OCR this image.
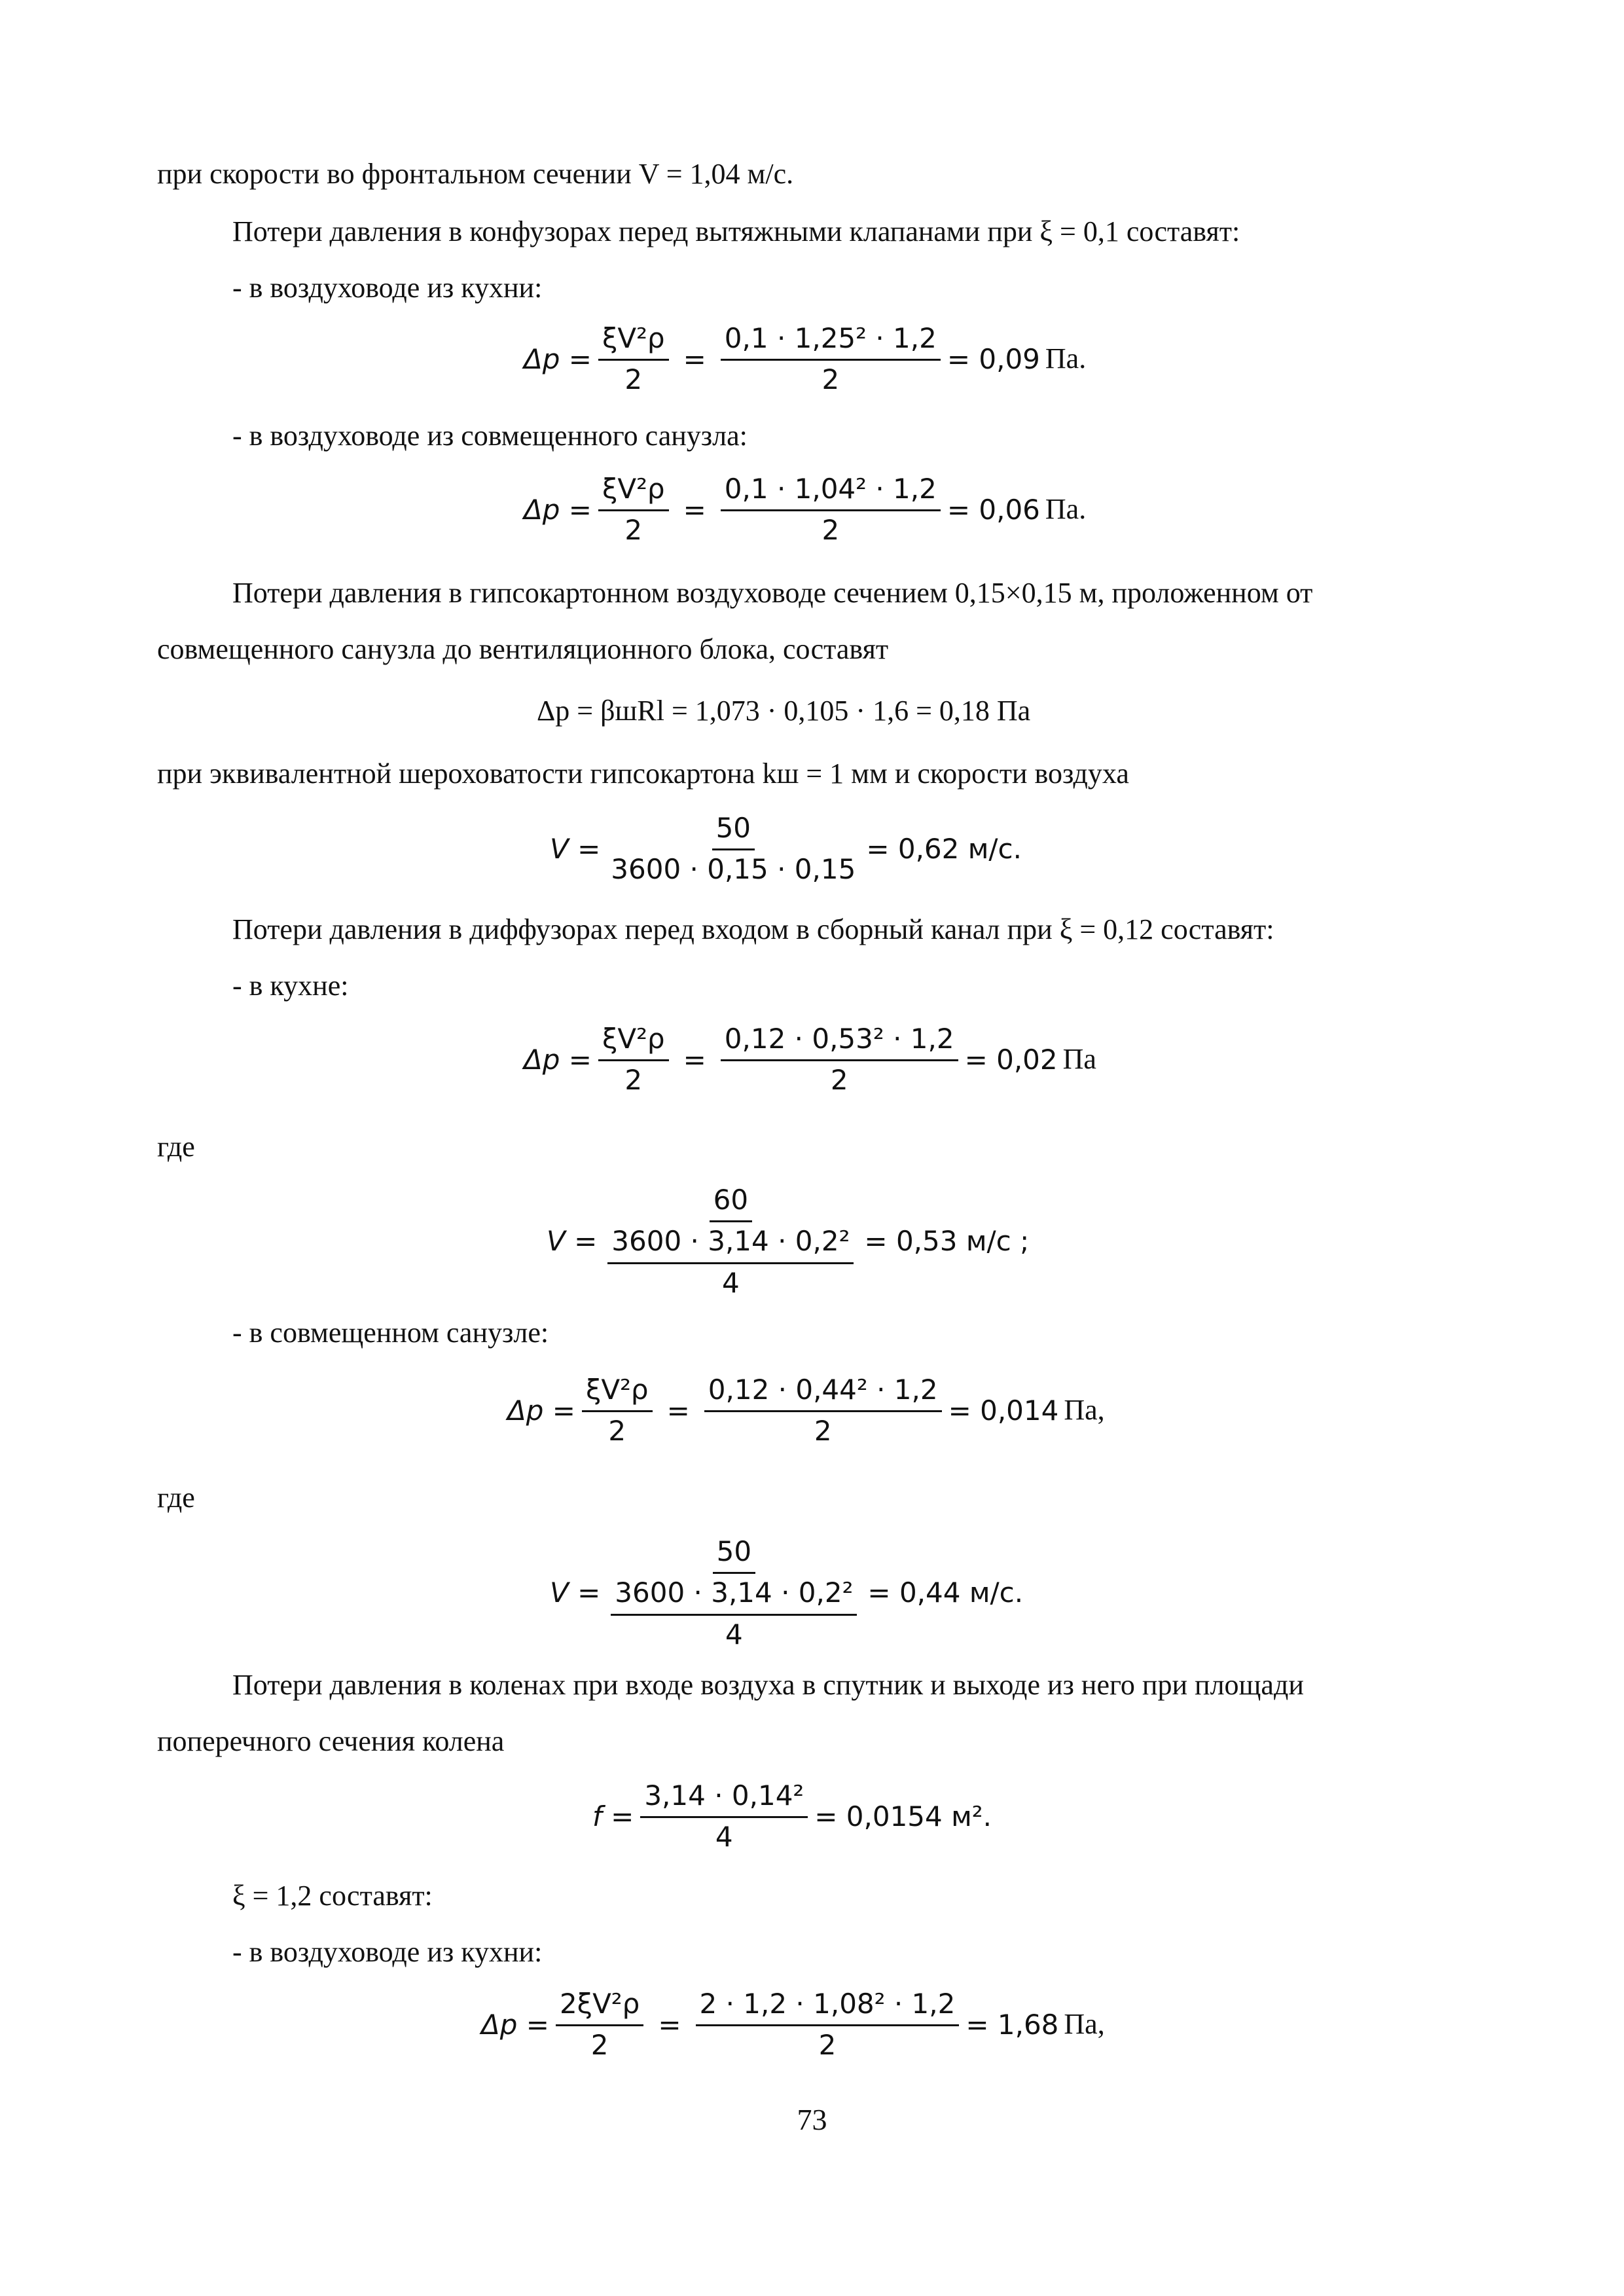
при скорости во фронтальном сечении V = 1,04 м/с.
Потери давления в конфузорах перед вытяжными клапанами при ξ = 0,1 составят:
- в воздуховоде из кухни:
$\Delta p = \frac{\text{ξV²ρ}}{2} = \frac{\text{0,1 · 1,25² · 1,2}}{2} = 0,09$ Па.
- в воздуховоде из совмещенного санузла:
$\Delta p = \frac{\text{ξV²ρ}}{2} = \frac{\text{0,1 · 1,04² · 1,2}}{2} = 0,06$ Па.
Потери давления в гипсокартонном воздуховоде сечением 0,15×0,15 м, проложенном от
совмещенного санузла до вентиляционного блока, составят
Δp = βшRl = 1,073 · 0,105 · 1,6 = 0,18 Па
при эквивалентной шероховатости гипсокартона kш = 1 мм и скорости воздуха
$V = \frac{50}{3600 \cdot 0,15 \cdot 0,15} = 0,62$ м/с.
Потери давления в диффузорах перед входом в сборный канал при ξ = 0,12 составят:
- в кухне:
$\Delta p = \frac{\text{ξV²ρ}}{2} = \frac{\text{0,12 · 0,53² · 1,2}}{2} = 0,02$ Па
где
$V = \frac{60}{\frac{\text{3600 · 3,14 · 0,2²}}{4}} = 0,53$ м/с ;
- в совмещенном санузле:
$\Delta p = \frac{\text{ξV²ρ}}{2} = \frac{\text{0,12 · 0,44² · 1,2}}{2} = 0,014$ Па,
где
$V = \frac{50}{\frac{\text{3600 · 3,14 · 0,2²}}{4}} = 0,44$ м/с.
Потери давления в коленах при входе воздуха в спутник и выходе из него при площади
поперечного сечения колена
$f = \frac{\text{3,14 · 0,14²}}{4} = 0,0154$ м².
ξ = 1,2 составят:
- в воздуховоде из кухни:
$\Delta p = \frac{\text{2ξV²ρ}}{2} = \frac{\text{2 · 1,2 · 1,08² · 1,2}}{2} = 1,68$ Па,
73
